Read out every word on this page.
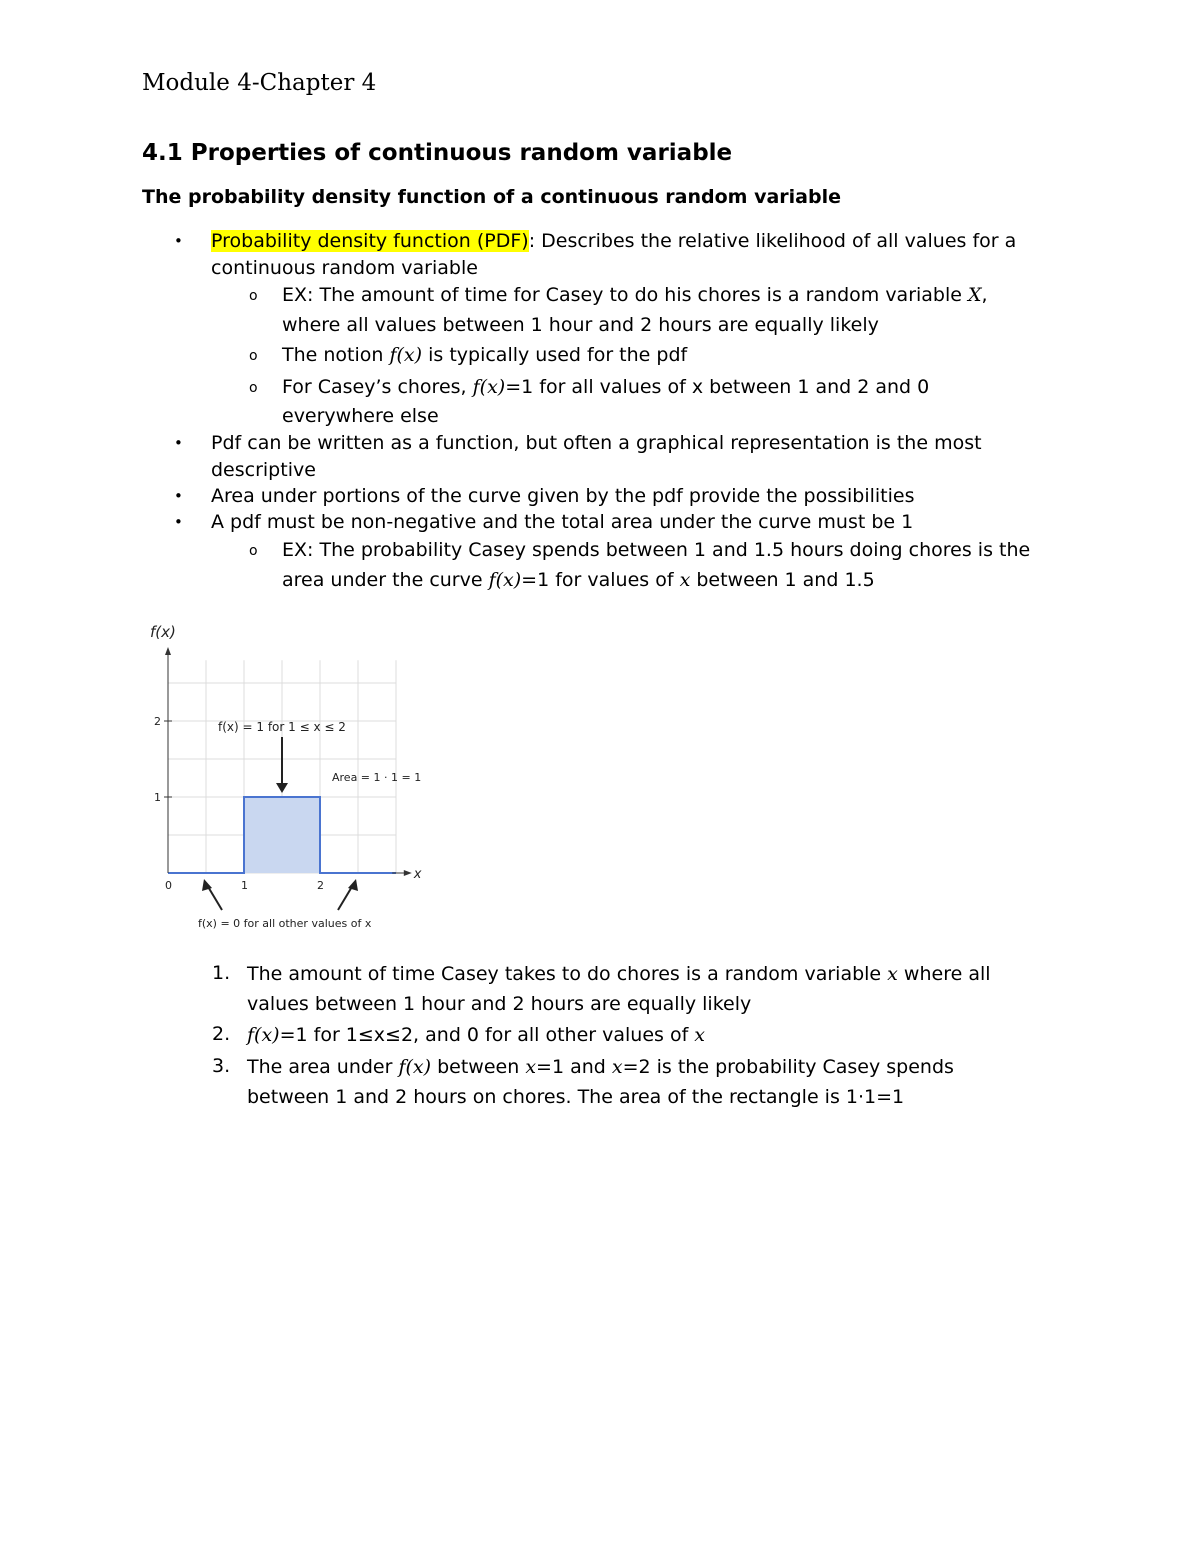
Module 4-Chapter 4
4.1 Properties of continuous random variable
The probability density function of a continuous random variable
• Probability density function (PDF): Describes the relative likelihood of all values for a
continuous random variable
o EX: The amount of time for Casey to do his chores is a random variable X,
where all values between 1 hour and 2 hours are equally likely
o The notion f(x) is typically used for the pdf
o For Casey’s chores, f(x)=1 for all values of x between 1 and 2 and 0
everywhere else
• Pdf can be written as a function, but often a graphical representation is the most
descriptive
• Area under portions of the curve given by the pdf provide the possibilities
• A pdf must be non-negative and the total area under the curve must be 1
o EX: The probability Casey spends between 1 and 1.5 hours doing chores is the
area under the curve f(x)=1 for values of x between 1 and 1.5
1
2
0	1	2
f(x)
x
f(x) = 1 for 1 ≤ x ≤ 2
Area = 1 · 1 = 1
f(x) = 0 for all other values of x
1. The amount of time Casey takes to do chores is a random variable x where all
values between 1 hour and 2 hours are equally likely
2. f(x)=1 for 1≤x≤2, and 0 for all other values of x
3. The area under f(x) between x=1 and x=2 is the probability Casey spends
between 1 and 2 hours on chores. The area of the rectangle is 1·1=1
